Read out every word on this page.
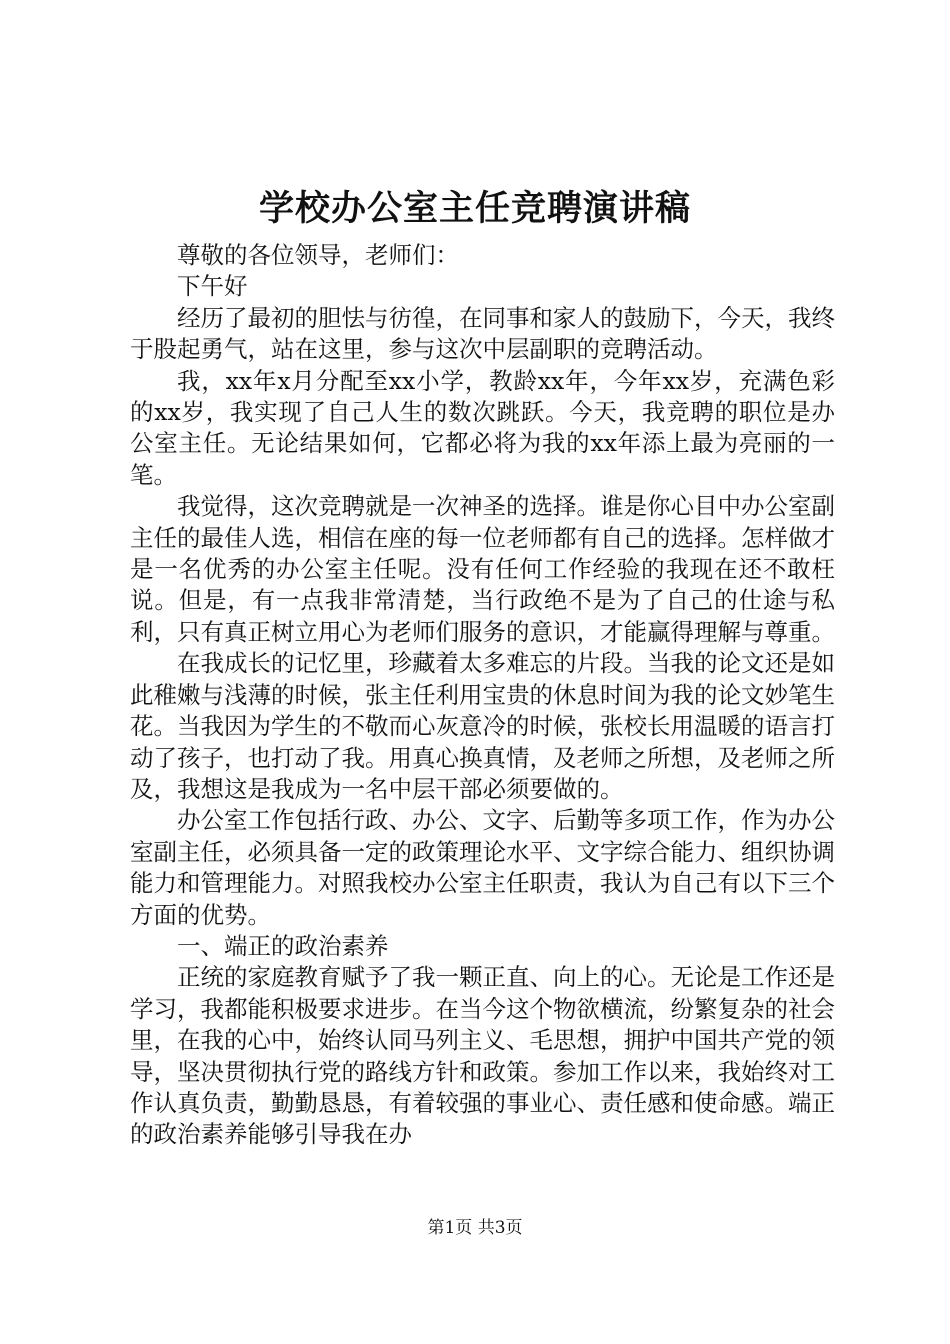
学校办公室主任竞聘演讲稿

尊敬的各位领导，老师们：

下午好

经历了最初的胆怯与彷徨，在同事和家人的鼓励下，今天，我终于股起勇气，站在这里，参与这次中层副职的竞聘活动。

我，xx年x月分配至xx小学，教龄xx年，今年xx岁，充满色彩的xx岁，我实现了自己人生的数次跳跃。今天，我竞聘的职位是办公室主任。无论结果如何，它都必将为我的xx年添上最为亮丽的一笔。

我觉得，这次竞聘就是一次神圣的选择。谁是你心目中办公室副主任的最佳人选，相信在座的每一位老师都有自己的选择。怎样做才是一名优秀的办公室主任呢。没有任何工作经验的我现在还不敢枉说。但是，有一点我非常清楚，当行政绝不是为了自己的仕途与私利，只有真正树立用心为老师们服务的意识，才能赢得理解与尊重。

在我成长的记忆里，珍藏着太多难忘的片段。当我的论文还是如此稚嫩与浅薄的时候，张主任利用宝贵的休息时间为我的论文妙笔生花。当我因为学生的不敬而心灰意冷的时候，张校长用温暖的语言打动了孩子，也打动了我。用真心换真情，及老师之所想，及老师之所及，我想这是我成为一名中层干部必须要做的。

办公室工作包括行政、办公、文字、后勤等多项工作，作为办公室副主任，必须具备一定的政策理论水平、文字综合能力、组织协调能力和管理能力。对照我校办公室主任职责，我认为自己有以下三个方面的优势。

一、端正的政治素养

正统的家庭教育赋予了我一颗正直、向上的心。无论是工作还是学习，我都能积极要求进步。在当今这个物欲横流，纷繁复杂的社会里，在我的心中，始终认同马列主义、毛思想，拥护中国共产党的领导，坚决贯彻执行党的路线方针和政策。参加工作以来，我始终对工作认真负责，勤勤恳恳，有着较强的事业心、责任感和使命感。端正的政治素养能够引导我在办

第1页 共3页
